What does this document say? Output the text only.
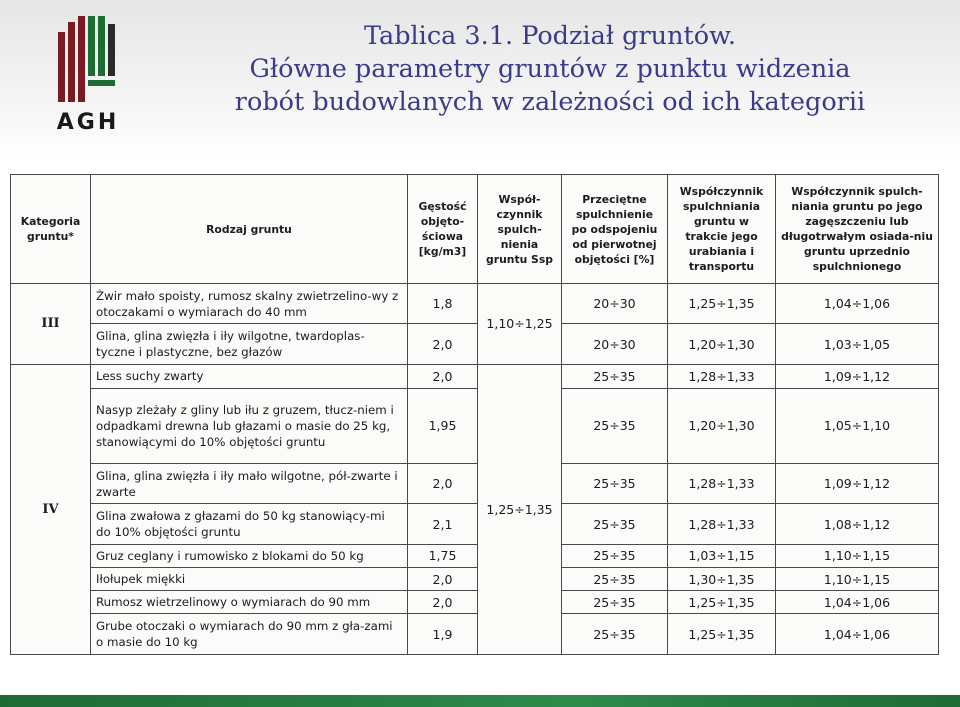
AGH
Tablica 3.1. Podział gruntów.
Główne parametry gruntów z punktu widzenia
robót budowlanych w zależności od ich kategorii
Kategoria gruntu*	Rodzaj gruntu	Gęstość objęto-ściowa [kg/m3]	Współ-czynnik spulch-nienia gruntu Ssp	Przeciętne spulchnienie po odspojeniu od pierwotnej objętości [%]	Współczynnik spulchniania gruntu w trakcie jego urabiania i transportu	Współczynnik spulch-niania gruntu po jego zagęszczeniu lub długotrwałym osiada-niu gruntu uprzednio spulchnionego
III	Żwir mało spoisty, rumosz skalny zwietrzelino-wy z otoczakami o wymiarach do 40 mm	1,8	1,10÷1,25	20÷30	1,25÷1,35	1,04÷1,06
	Glina, glina zwięzła i iły wilgotne, twardoplas-tyczne i plastyczne, bez głazów	2,0		20÷30	1,20÷1,30	1,03÷1,05
IV	Less suchy zwarty	2,0	1,25÷1,35	25÷35	1,28÷1,33	1,09÷1,12
	Nasyp zleżały z gliny lub iłu z gruzem, tłucz-niem i odpadkami drewna lub głazami o masie do 25 kg, stanowiącymi do 10% objętości gruntu	1,95		25÷35	1,20÷1,30	1,05÷1,10
	Glina, glina zwięzła i iły mało wilgotne, pół-zwarte i zwarte	2,0		25÷35	1,28÷1,33	1,09÷1,12
	Glina zwałowa z głazami do 50 kg stanowiący-mi do 10% objętości gruntu	2,1		25÷35	1,28÷1,33	1,08÷1,12
	Gruz ceglany i rumowisko z blokami do 50 kg	1,75		25÷35	1,03÷1,15	1,10÷1,15
	Iłołupek miękki	2,0		25÷35	1,30÷1,35	1,10÷1,15
	Rumosz wietrzelinowy o wymiarach do 90 mm	2,0		25÷35	1,25÷1,35	1,04÷1,06
	Grube otoczaki o wymiarach do 90 mm z gła-zami o masie do 10 kg	1,9		25÷35	1,25÷1,35	1,04÷1,06
